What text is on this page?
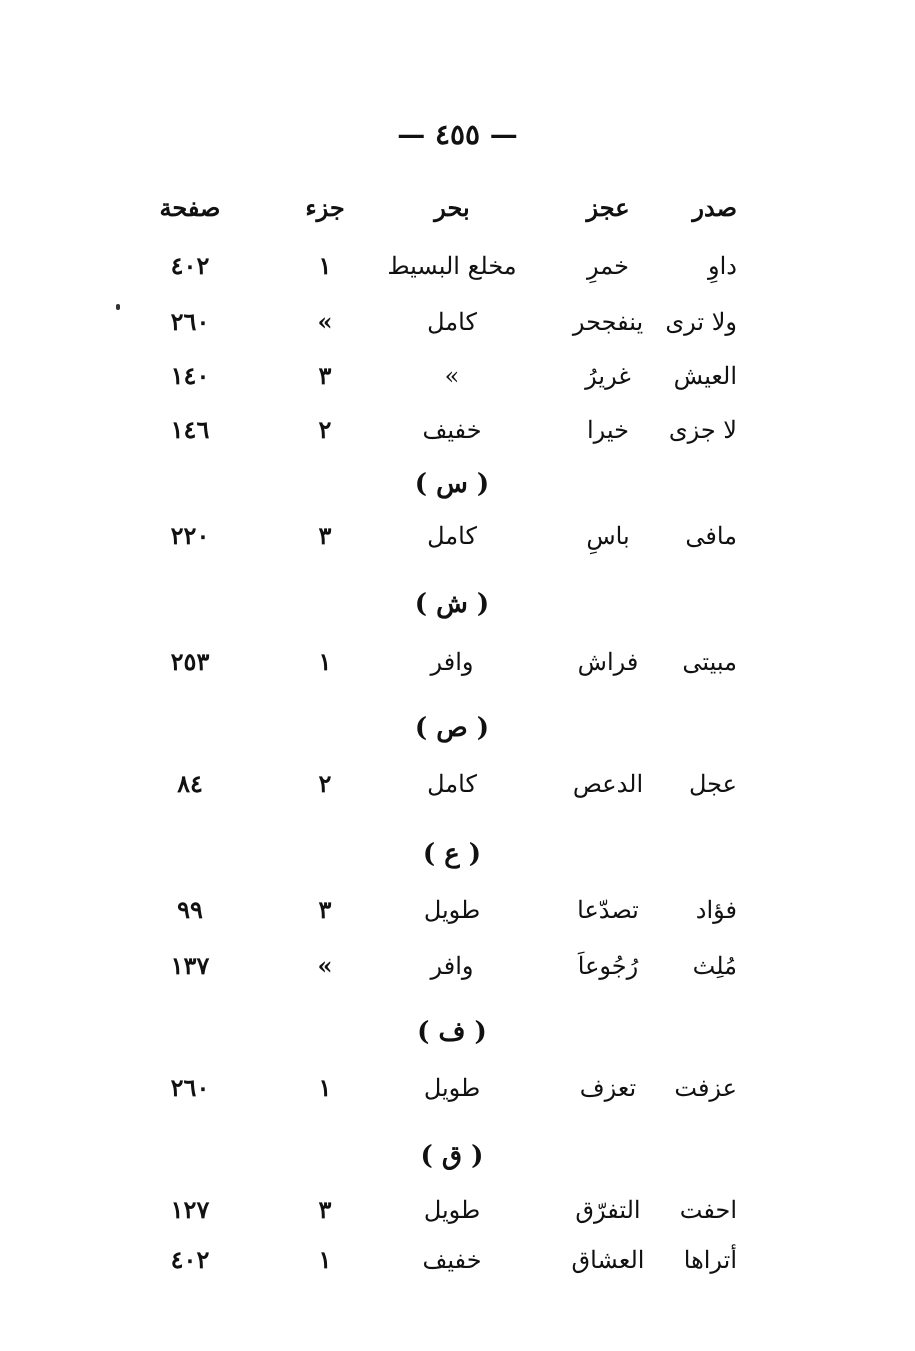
— ٤٥٥ —
صدر
عجز
بحر
جزء
صفحة
داوِ
خمرِ
مخلع البسيط
١
٤٠٢
ولا ترى
ينفجحر
كامل
»
٢٦٠
العيش
غريرُ
»
٣
١٤٠
لا جزى
خيرا
خفيف
٢
١٤٦
( س )
مافى
باسِ
كامل
٣
٢٢٠
( ش )
مبيتى
فراش
وافر
١
٢٥٣
( ص )
عجل
الدعص
كامل
٢
٨٤
( ع )
فؤاد
تصدّعا
طويل
٣
٩٩
مُلِث
رُجُوعاَ
وافر
»
١٣٧
( ف )
عزفت
تعزف
طويل
١
٢٦٠
( ق )
احفت
التفرّق
طويل
٣
١٢٧
أتراها
العشاق
خفيف
١
٤٠٢
